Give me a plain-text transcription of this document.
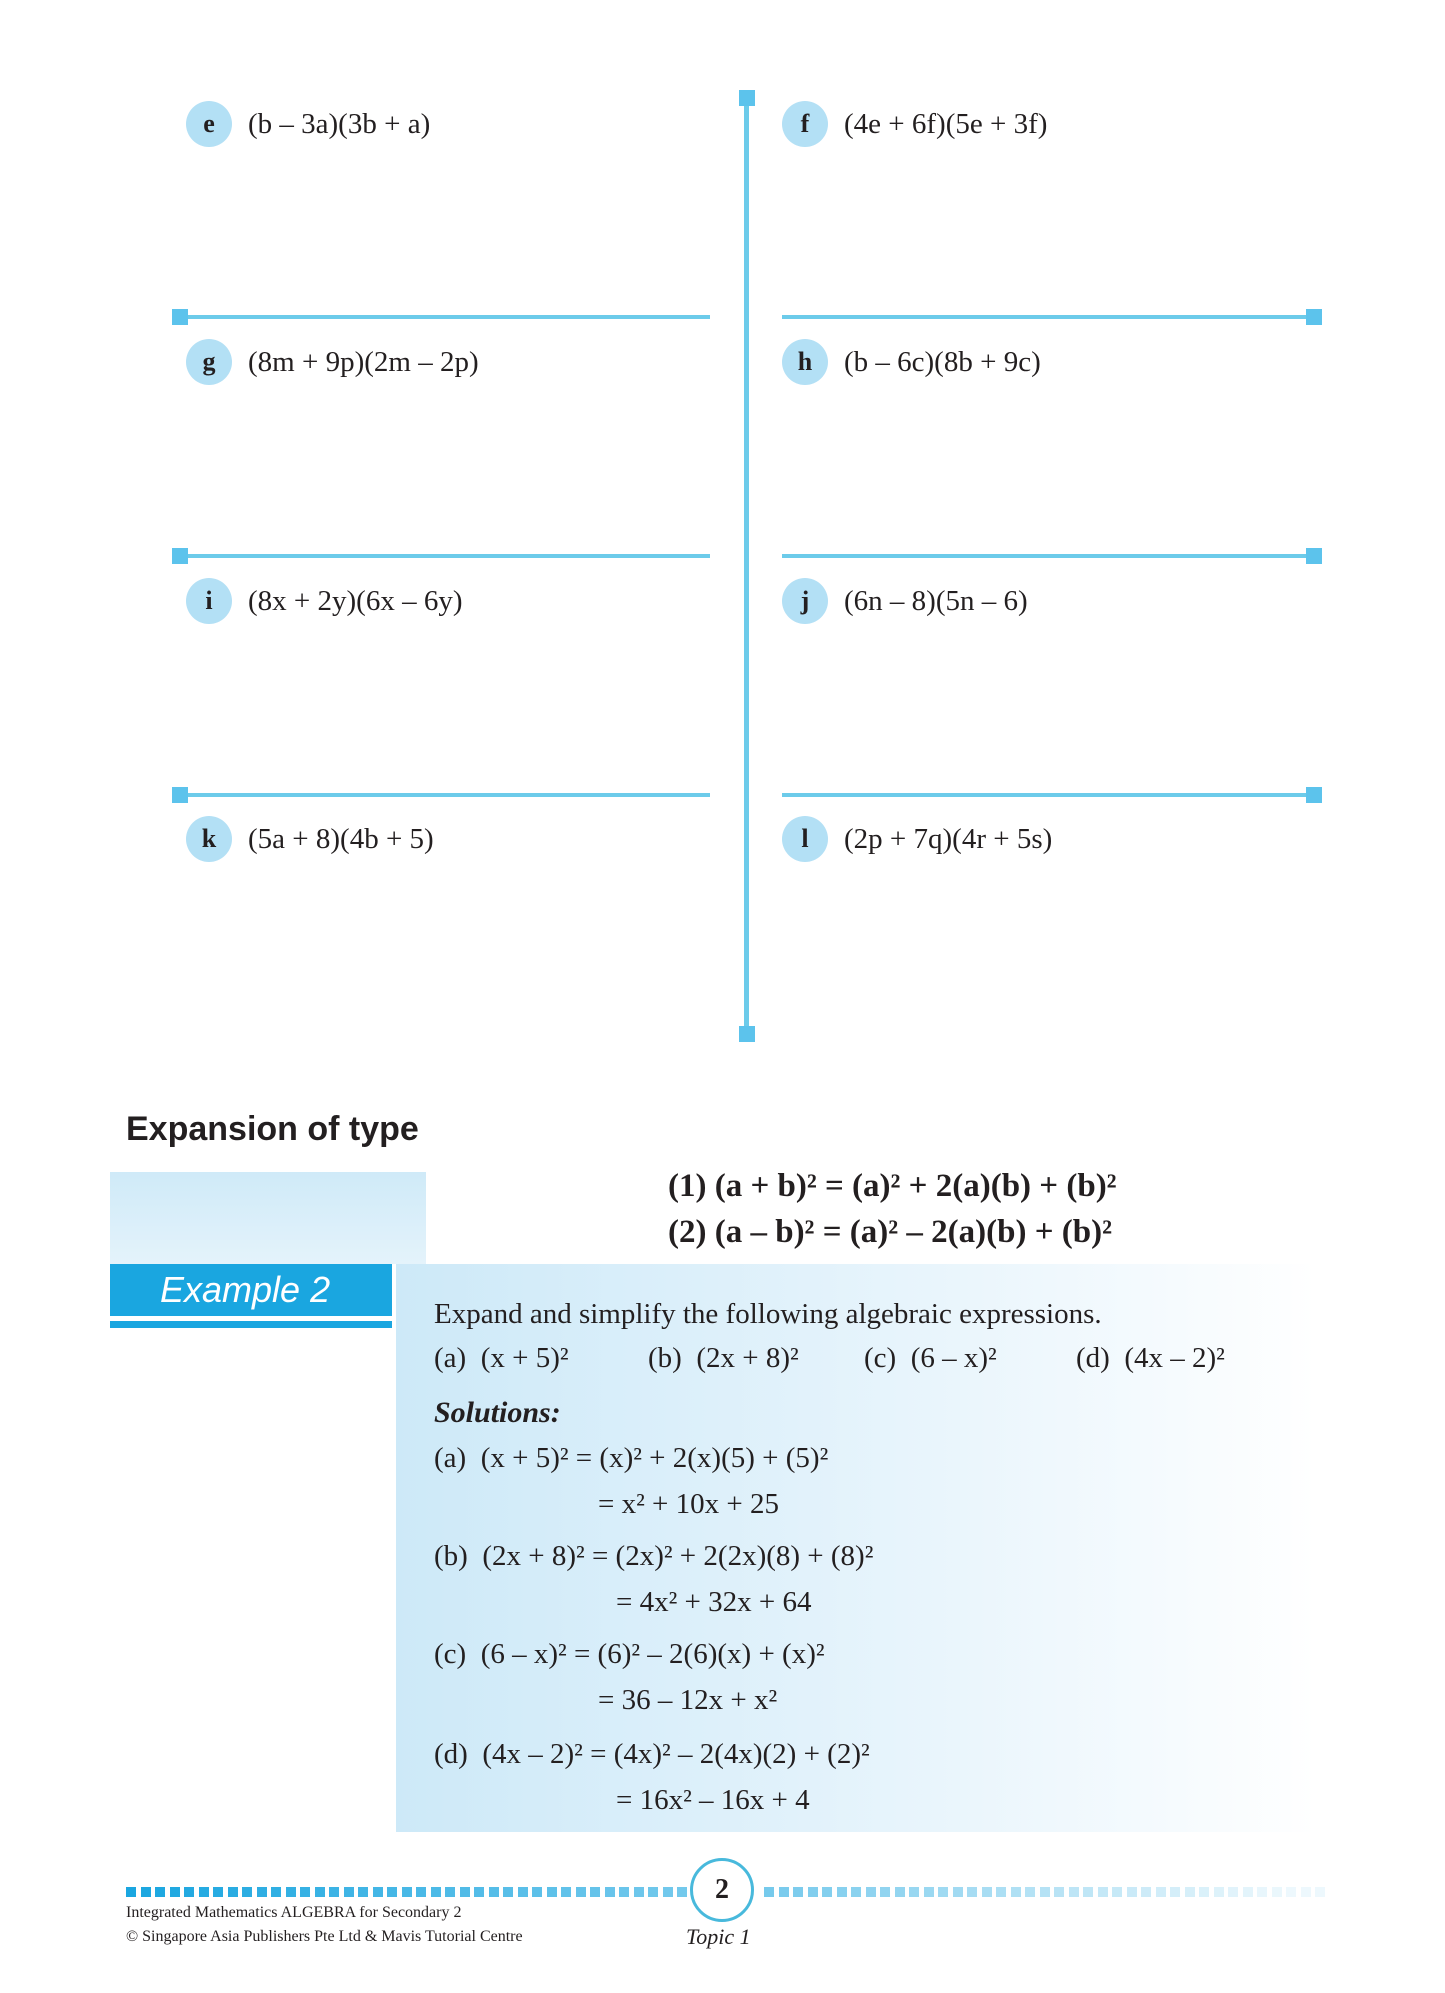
e	(b – 3a)(3b + a)	f	(4e + 6f)(5e + 3f)
g	(8m + 9p)(2m – 2p)	h	(b – 6c)(8b + 9c)
i	(8x + 2y)(6x – 6y)	j	(6n – 8)(5n – 6)
k	(5a + 8)(4b + 5)	l	(2p + 7q)(4r + 5s)
Expansion of type
(1) (a + b)² = (a)² + 2(a)(b) + (b)²
(2) (a – b)² = (a)² – 2(a)(b) + (b)²
Example 2
Expand and simplify the following algebraic expressions.
(a) (x + 5)²	(b) (2x + 8)² (c) (6 – x)²	(d) (4x – 2)²
Solutions:
(a) (x + 5)² = (x)² + 2(x)(5) + (5)²
= x² + 10x + 25
(b) (2x + 8)² = (2x)² + 2(2x)(8) + (8)²
= 4x² + 32x + 64
(c) (6 – x)² = (6)² – 2(6)(x) + (x)²
= 36 – 12x + x²
(d) (4x – 2)² = (4x)² – 2(4x)(2) + (2)²
= 16x² – 16x + 4
2
Integrated Mathematics ALGEBRA for Secondary 2
© Singapore Asia Publishers Pte Ltd & Mavis Tutorial Centre	Topic 1
